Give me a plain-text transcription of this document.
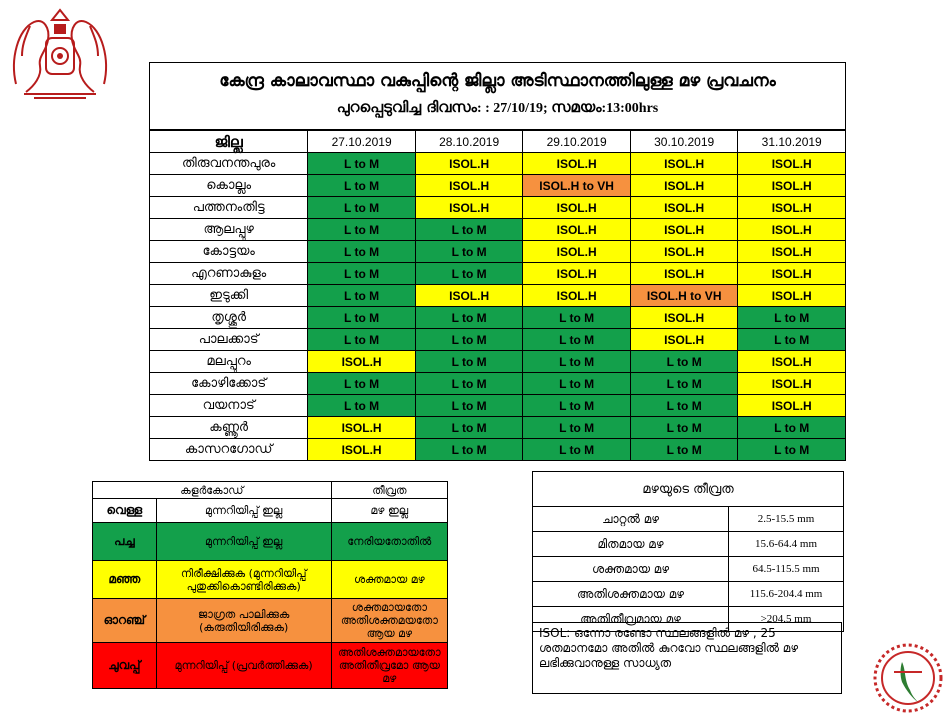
കേന്ദ്ര കാലാവസ്ഥാ വകുപ്പിന്റെ ജില്ലാ അടിസ്ഥാനത്തിലുള്ള മഴ പ്രവചനം
പുറപ്പെടുവിച്ച ദിവസം: : 27/10/19; സമയം:13:00hrs
ജില്ല	27.10.2019	28.10.2019	29.10.2019	30.10.2019	31.10.2019
തിരുവനന്തപുരം	L to M	ISOL.H	ISOL.H	ISOL.H	ISOL.H
കൊല്ലം	L to M	ISOL.H	ISOL.H to VH	ISOL.H	ISOL.H
പത്തനംതിട്ട	L to M	ISOL.H	ISOL.H	ISOL.H	ISOL.H
ആലപ്പുഴ	L to M	L to M	ISOL.H	ISOL.H	ISOL.H
കോട്ടയം	L to M	L to M	ISOL.H	ISOL.H	ISOL.H
എറണാകുളം	L to M	L to M	ISOL.H	ISOL.H	ISOL.H
ഇടുക്കി	L to M	ISOL.H	ISOL.H	ISOL.H to VH	ISOL.H
തൃശ്ശൂർ	L to M	L to M	L to M	ISOL.H	L to M
പാലക്കാട്	L to M	L to M	L to M	ISOL.H	L to M
മലപ്പുറം	ISOL.H	L to M	L to M	L to M	ISOL.H
കോഴിക്കോട്	L to M	L to M	L to M	L to M	ISOL.H
വയനാട്	L to M	L to M	L to M	L to M	ISOL.H
കണ്ണൂർ	ISOL.H	L to M	L to M	L to M	L to M
കാസറഗോഡ്	ISOL.H	L to M	L to M	L to M	L to M
കളർകോഡ്		തീവ്രത
വെള്ള	മുന്നറിയിപ്പ് ഇല്ല	മഴ ഇല്ല
പച്ച	മുന്നറിയിപ്പ് ഇല്ല	നേരിയതോതിൽ
മഞ്ഞ	നിരീക്ഷിക്കുക (മുന്നറിയിപ്പ് പുതുക്കികൊണ്ടിരിക്കുക)	ശക്തമായ മഴ
ഓറഞ്ച്	ജാഗ്രത പാലിക്കുക (കരുതിയിരിക്കുക)	ശക്തമായതോ അതിശക്തമയതോ ആയ മഴ
ചുവപ്പ്	മുന്നറിയിപ്പ് (പ്രവർത്തിക്കുക)	അതിശക്തമായതോ അതിതീവ്രമോ ആയ മഴ
മഴയുടെ തീവ്രത	
ചാറ്റൽ മഴ	2.5-15.5 mm
മിതമായ മഴ	15.6-64.4 mm
ശക്തമായ മഴ	64.5-115.5 mm
അതിശക്തമായ മഴ	115.6-204.4 mm
അതിതീവ്രമായ മഴ	>204.5 mm
ISOL: ഒന്നോ രണ്ടോ സ്ഥലങ്ങളിൽ മഴ , 25 ശതമാനമോ അതിൽ കുറവോ സ്ഥലങ്ങളിൽ മഴ ലഭിക്കുവാനുള്ള സാധ്യത
